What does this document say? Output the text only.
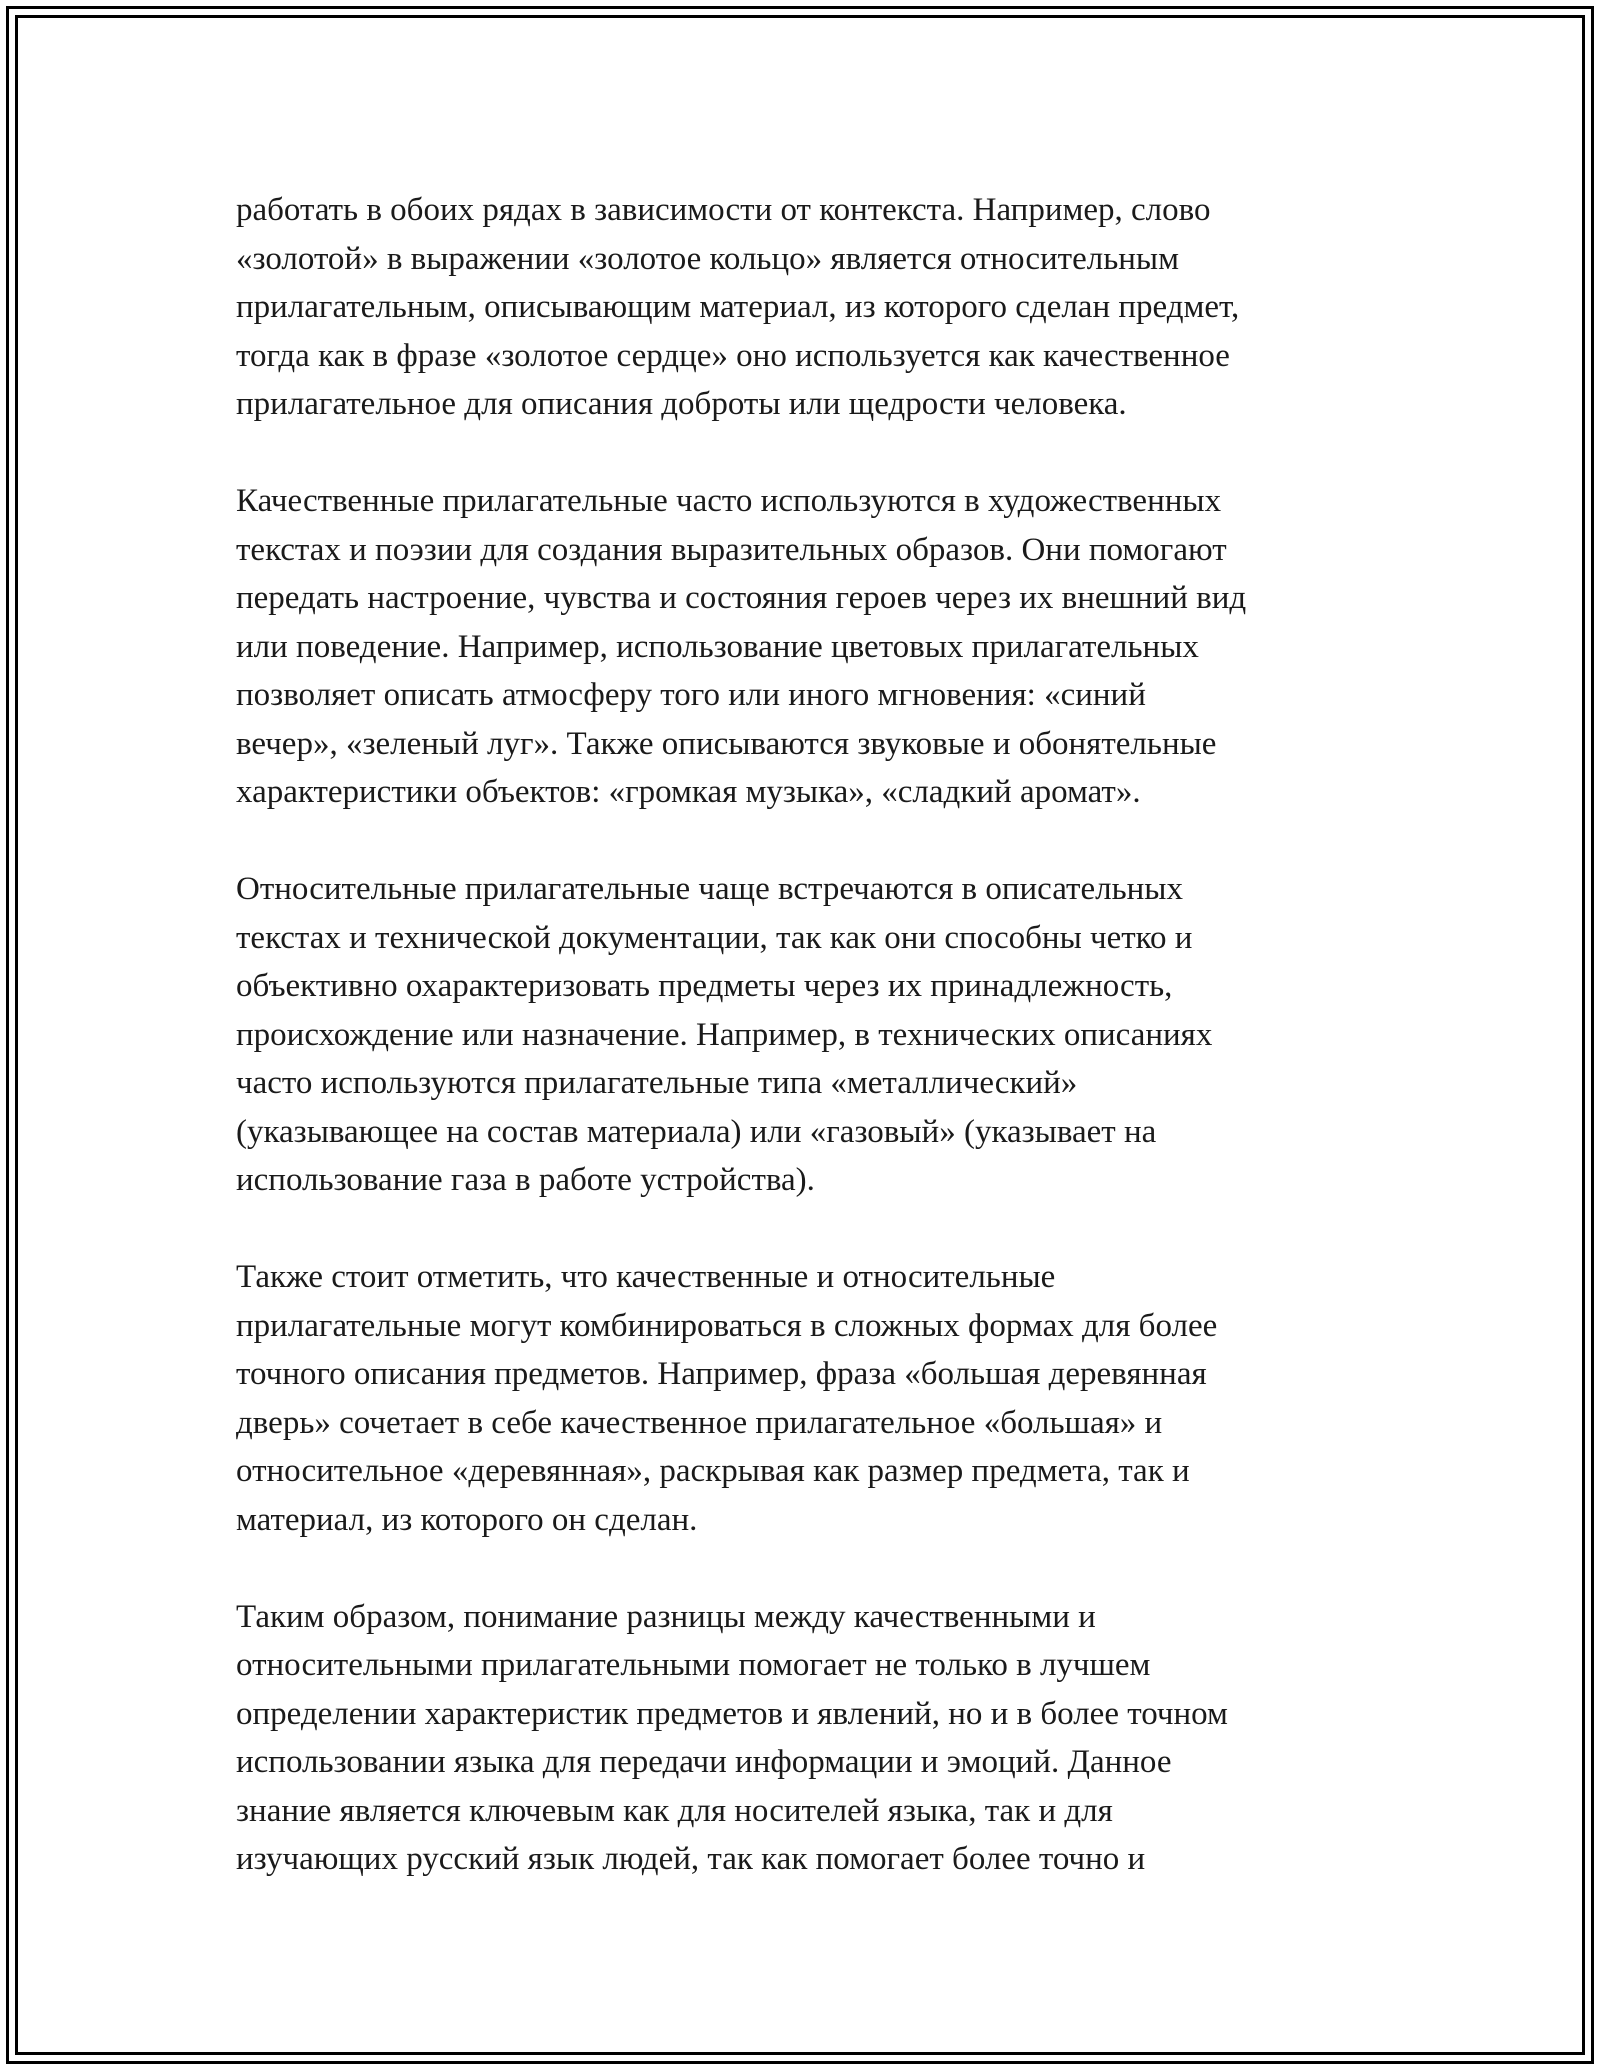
работать в обоих рядах в зависимости от контекста. Например, слово
«золотой» в выражении «золотое кольцо» является относительным
прилагательным, описывающим материал, из которого сделан предмет,
тогда как в фразе «золотое сердце» оно используется как качественное
прилагательное для описания доброты или щедрости человека.
Качественные прилагательные часто используются в художественных
текстах и поэзии для создания выразительных образов. Они помогают
передать настроение, чувства и состояния героев через их внешний вид
или поведение. Например, использование цветовых прилагательных
позволяет описать атмосферу того или иного мгновения: «синий
вечер», «зеленый луг». Также описываются звуковые и обонятельные
характеристики объектов: «громкая музыка», «сладкий аромат».
Относительные прилагательные чаще встречаются в описательных
текстах и технической документации, так как они способны четко и
объективно охарактеризовать предметы через их принадлежность,
происхождение или назначение. Например, в технических описаниях
часто используются прилагательные типа «металлический»
(указывающее на состав материала) или «газовый» (указывает на
использование газа в работе устройства).
Также стоит отметить, что качественные и относительные
прилагательные могут комбинироваться в сложных формах для более
точного описания предметов. Например, фраза «большая деревянная
дверь» сочетает в себе качественное прилагательное «большая» и
относительное «деревянная», раскрывая как размер предмета, так и
материал, из которого он сделан.
Таким образом, понимание разницы между качественными и
относительными прилагательными помогает не только в лучшем
определении характеристик предметов и явлений, но и в более точном
использовании языка для передачи информации и эмоций. Данное
знание является ключевым как для носителей языка, так и для
изучающих русский язык людей, так как помогает более точно и
